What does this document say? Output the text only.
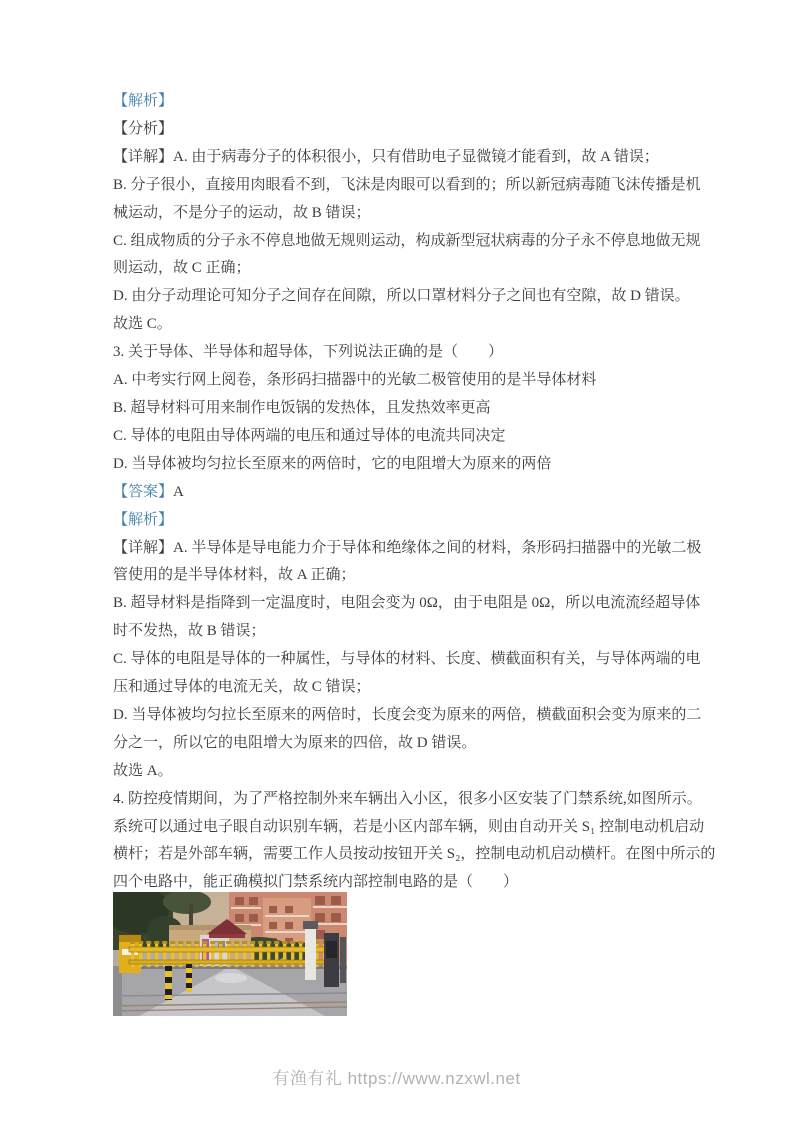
【解析】
【分析】
【详解】A. 由于病毒分子的体积很小，只有借助电子显微镜才能看到，故 A 错误；
B. 分子很小，直接用肉眼看不到，飞沫是肉眼可以看到的；所以新冠病毒随飞沫传播是机
械运动，不是分子的运动，故 B 错误；
C. 组成物质的分子永不停息地做无规则运动，构成新型冠状病毒的分子永不停息地做无规
则运动，故 C 正确；
D. 由分子动理论可知分子之间存在间隙，所以口罩材料分子之间也有空隙，故 D 错误。
故选 C。
3. 关于导体、半导体和超导体，下列说法正确的是（　　）
A. 中考实行网上阅卷，条形码扫描器中的光敏二极管使用的是半导体材料
B. 超导材料可用来制作电饭锅的发热体，且发热效率更高
C. 导体的电阻由导体两端的电压和通过导体的电流共同决定
D. 当导体被均匀拉长至原来的两倍时，它的电阻增大为原来的两倍
【答案】A
【解析】
【详解】A. 半导体是导电能力介于导体和绝缘体之间的材料，条形码扫描器中的光敏二极
管使用的是半导体材料，故 A 正确；
B. 超导材料是指降到一定温度时，电阻会变为 0Ω，由于电阻是 0Ω，所以电流流经超导体
时不发热，故 B 错误；
C. 导体的电阻是导体的一种属性，与导体的材料、长度、横截面积有关，与导体两端的电
压和通过导体的电流无关，故 C 错误；
D. 当导体被均匀拉长至原来的两倍时，长度会变为原来的两倍，横截面积会变为原来的二
分之一，所以它的电阻增大为原来的四倍，故 D 错误。
故选 A。
4. 防控疫情期间，为了严格控制外来车辆出入小区，很多小区安装了门禁系统,如图所示。
系统可以通过电子眼自动识别车辆，若是小区内部车辆，则由自动开关 S₁ 控制电动机启动
横杆；若是外部车辆，需要工作人员按动按钮开关 S₂，控制电动机启动横杆。在图中所示的
四个电路中，能正确模拟门禁系统内部控制电路的是（　　）
有渔有礼 https://www.nzxwl.net
